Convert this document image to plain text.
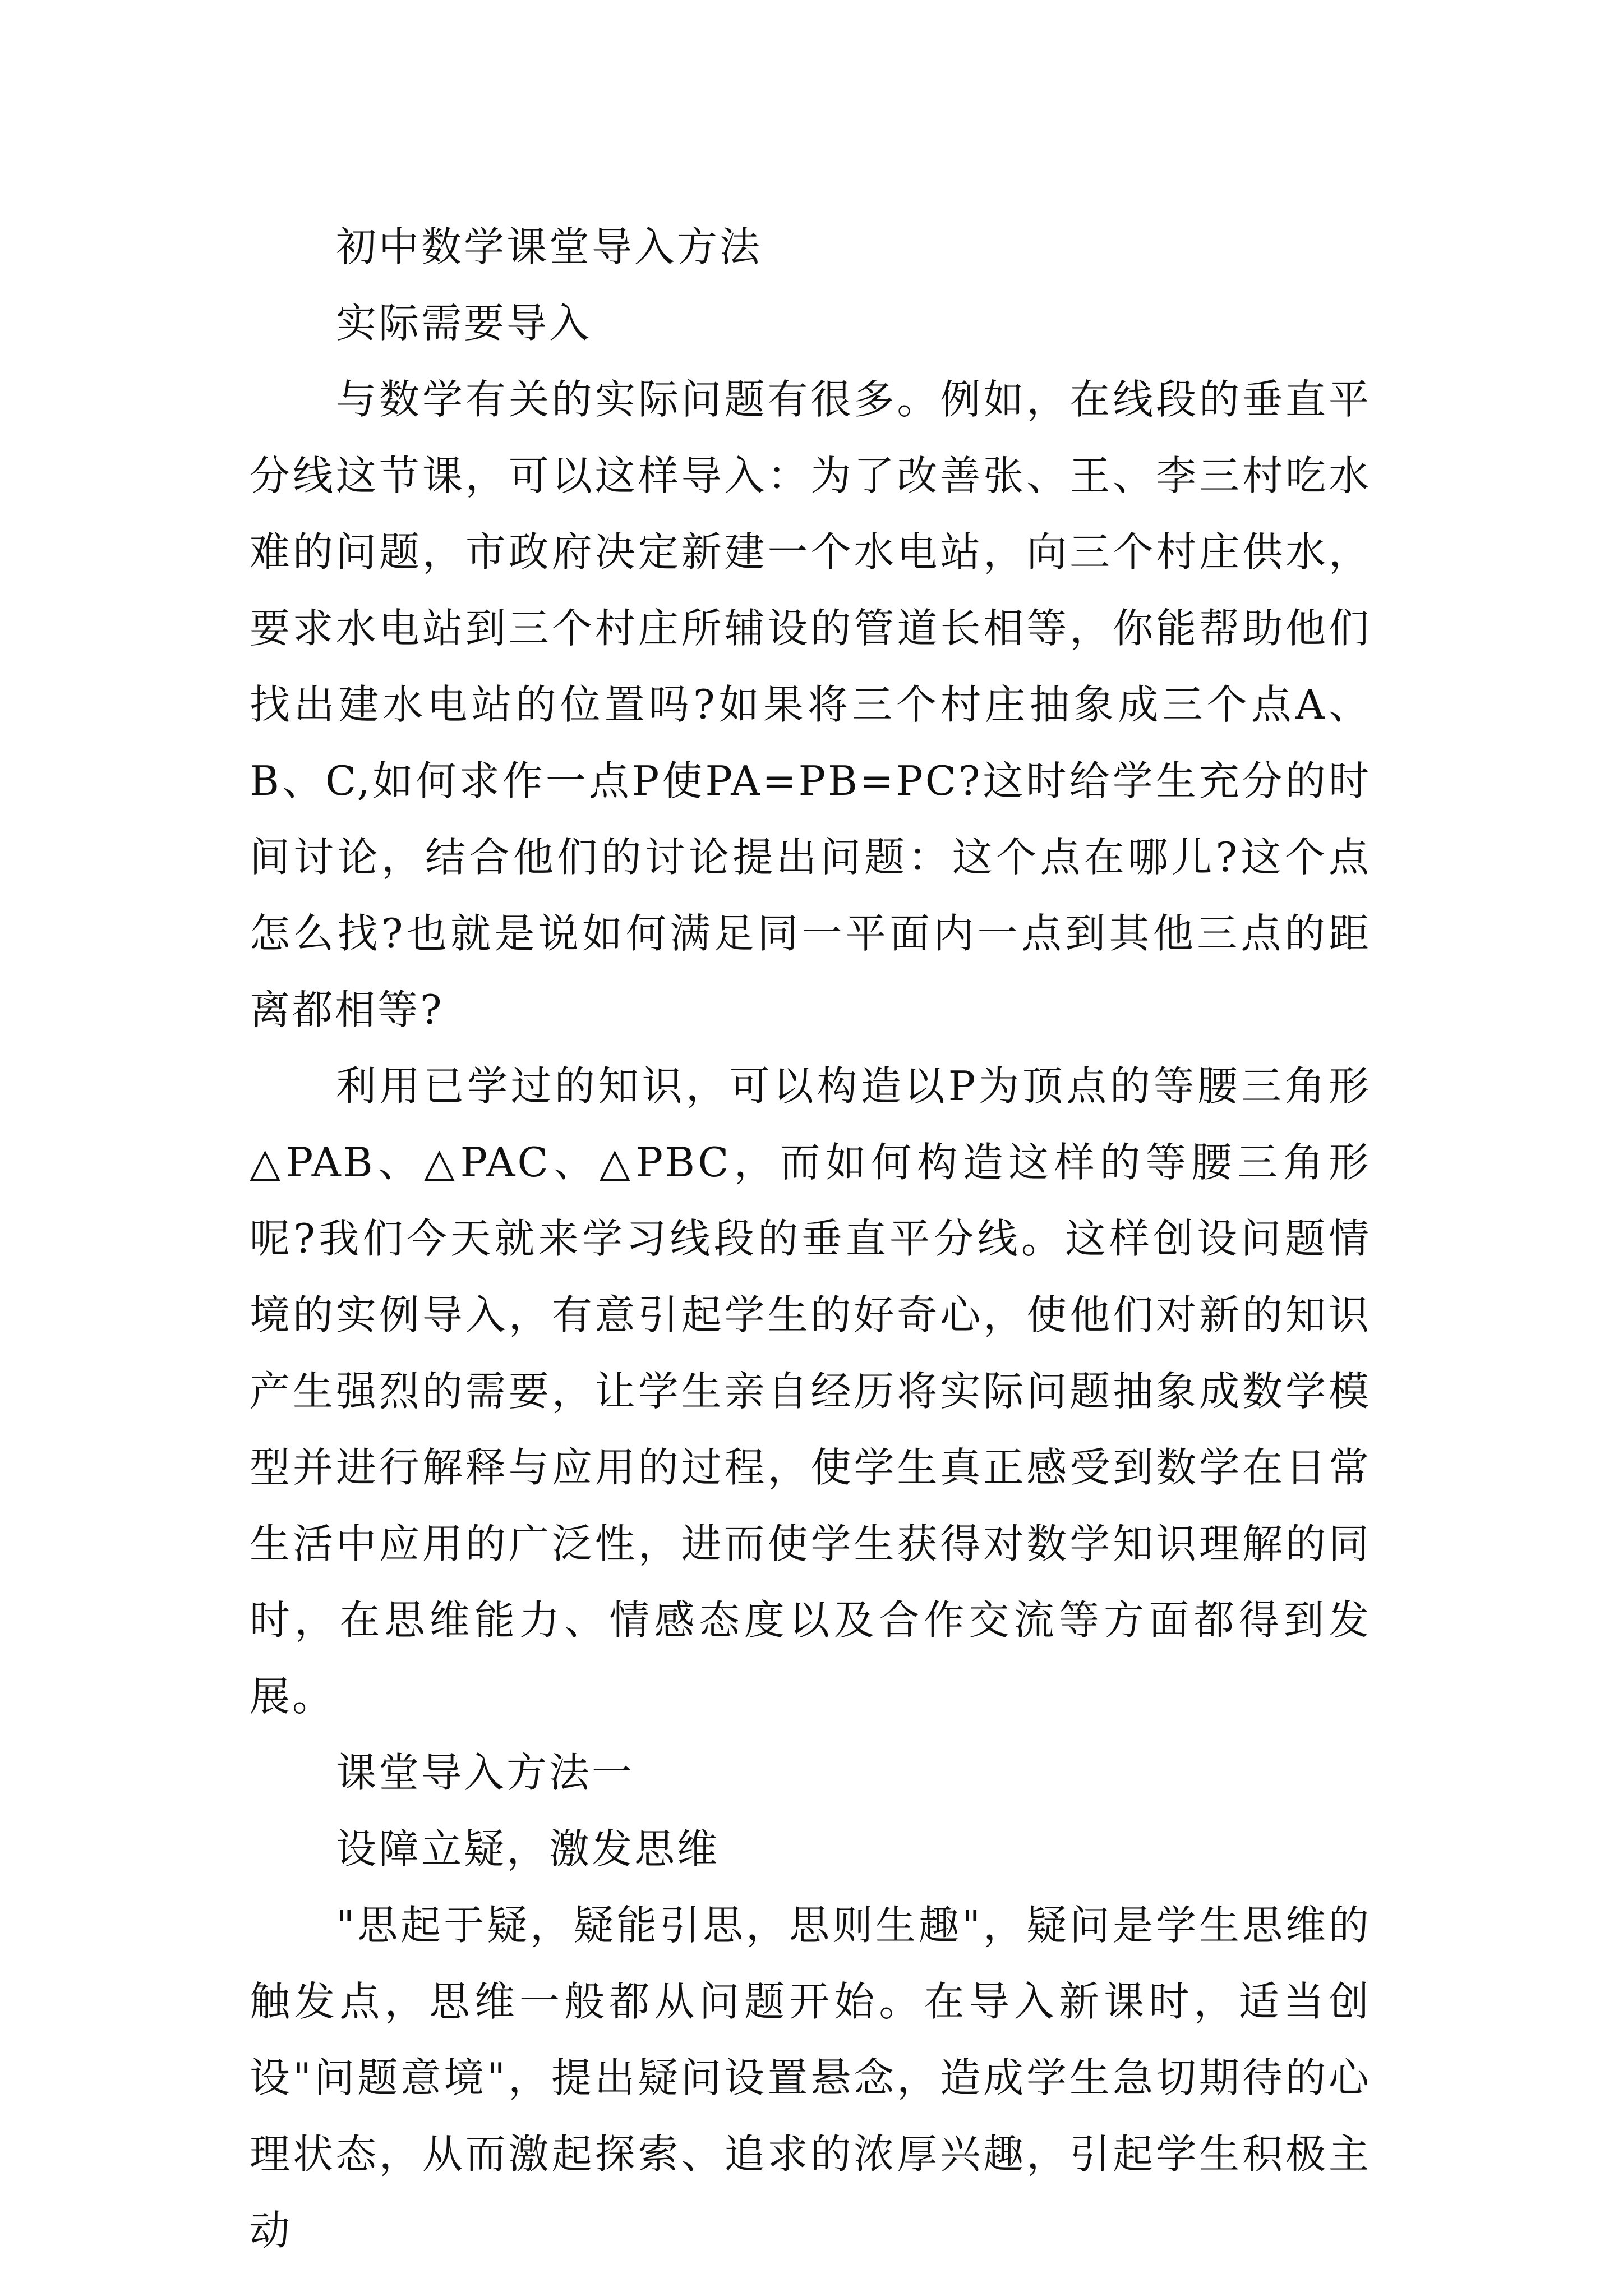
初中数学课堂导入方法

实际需要导入

与数学有关的实际问题有很多。例如，在线段的垂直平分线这节课，可以这样导入：为了改善张、王、李三村吃水难的问题，市政府决定新建一个水电站，向三个村庄供水，要求水电站到三个村庄所辅设的管道长相等，你能帮助他们找出建水电站的位置吗?如果将三个村庄抽象成三个点A、B、C,如何求作一点P使PA=PB=PC?这时给学生充分的时间讨论，结合他们的讨论提出问题：这个点在哪儿?这个点怎么找?也就是说如何满足同一平面内一点到其他三点的距离都相等?

利用已学过的知识，可以构造以P为顶点的等腰三角形△PAB、△PAC、△PBC，而如何构造这样的等腰三角形呢?我们今天就来学习线段的垂直平分线。这样创设问题情境的实例导入，有意引起学生的好奇心，使他们对新的知识产生强烈的需要，让学生亲自经历将实际问题抽象成数学模型并进行解释与应用的过程，使学生真正感受到数学在日常生活中应用的广泛性，进而使学生获得对数学知识理解的同时，在思维能力、情感态度以及合作交流等方面都得到发展。

课堂导入方法一

设障立疑，激发思维

"思起于疑，疑能引思，思则生趣"，疑问是学生思维的触发点，思维一般都从问题开始。在导入新课时，适当创设"问题意境"，提出疑问设置悬念，造成学生急切期待的心理状态，从而激起探索、追求的浓厚兴趣，引起学生积极主动
